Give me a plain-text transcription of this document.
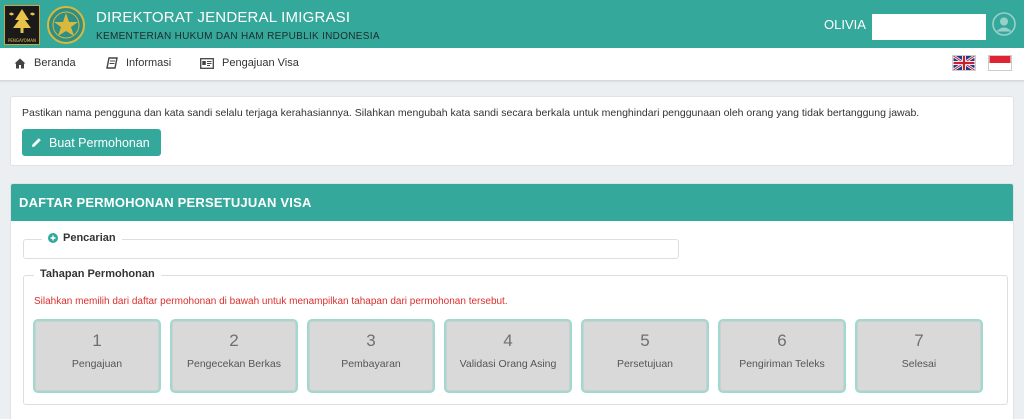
PENGAYOMAN
DIREKTORAT JENDERAL IMIGRASI
KEMENTERIAN HUKUM DAN HAM REPUBLIK INDONESIA
OLIVIA
Beranda	Informasi	Pengajuan Visa
Pastikan nama pengguna dan kata sandi selalu terjaga kerahasiannya. Silahkan mengubah kata sandi secara berkala untuk menghindari penggunaan oleh orang yang tidak bertanggung jawab.
Buat Permohonan
DAFTAR PERMOHONAN PERSETUJUAN VISA
Pencarian
Tahapan Permohonan
Silahkan memilih dari daftar permohonan di bawah untuk menampilkan tahapan dari permohonan tersebut.
1
Pengajuan
2
Pengecekan Berkas
3
Pembayaran
4
Validasi Orang Asing
5
Persetujuan
6
Pengiriman Teleks
7
Selesai
